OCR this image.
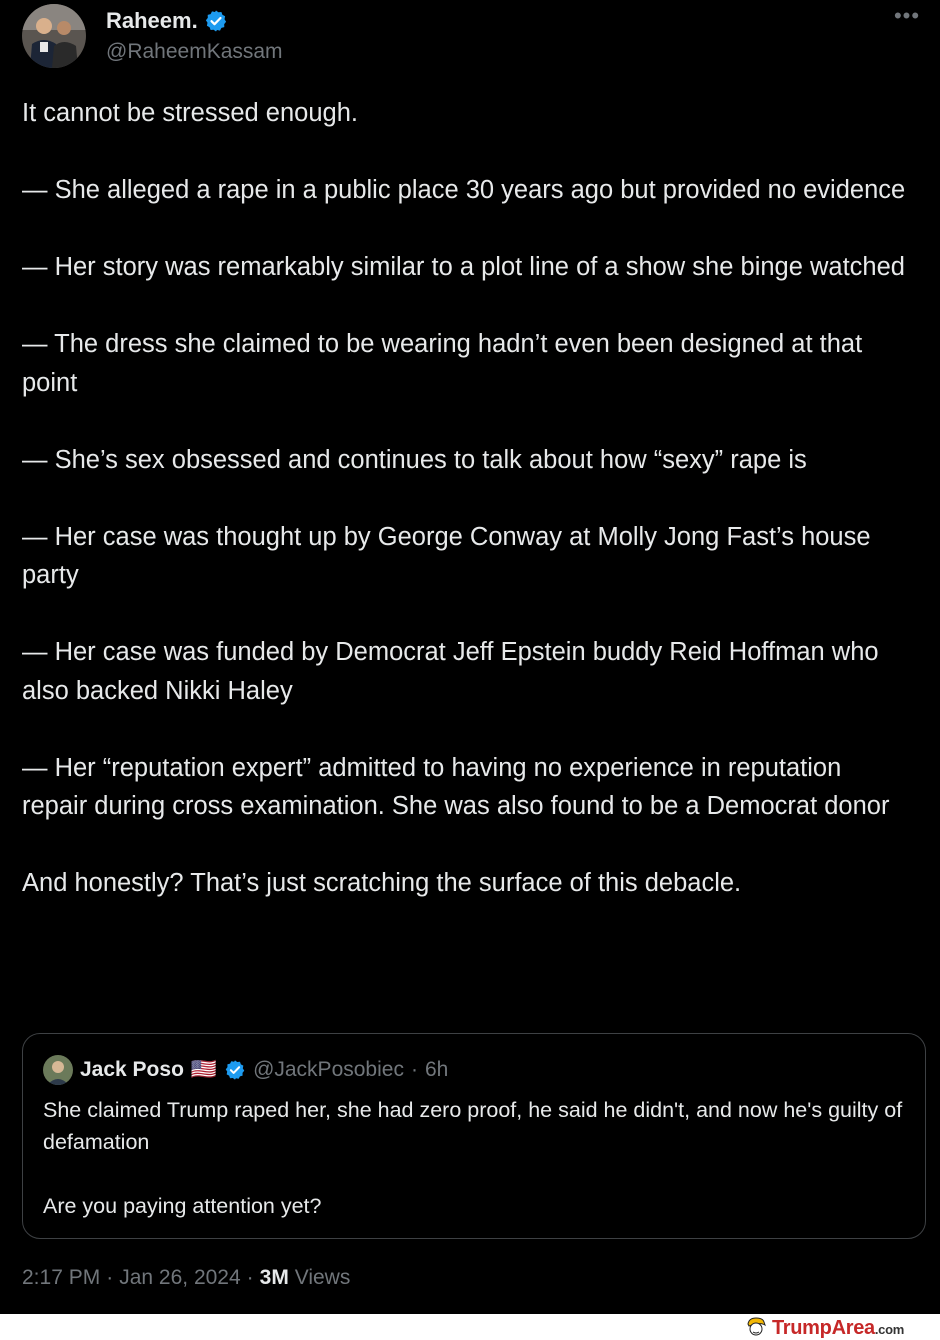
Raheem.
@RaheemKassam
•••

It cannot be stressed enough.

— She alleged a rape in a public place 30 years ago but provided no evidence

— Her story was remarkably similar to a plot line of a show she binge watched

— The dress she claimed to be wearing hadn’t even been designed at that point

— She’s sex obsessed and continues to talk about how “sexy” rape is

— Her case was thought up by George Conway at Molly Jong Fast’s house party

— Her case was funded by Democrat Jeff Epstein buddy Reid Hoffman who also backed Nikki Haley

— Her “reputation expert” admitted to having no experience in reputation repair during cross examination. She was also found to be a Democrat donor

And honestly? That’s just scratching the surface of this debacle.

Jack Poso 🇺🇸 @JackPosobiec · 6h

She claimed Trump raped her, she had zero proof, he said he didn't, and now he's guilty of defamation

Are you paying attention yet?

2:17 PM · Jan 26, 2024 · 3M Views
TrumpArea.com
